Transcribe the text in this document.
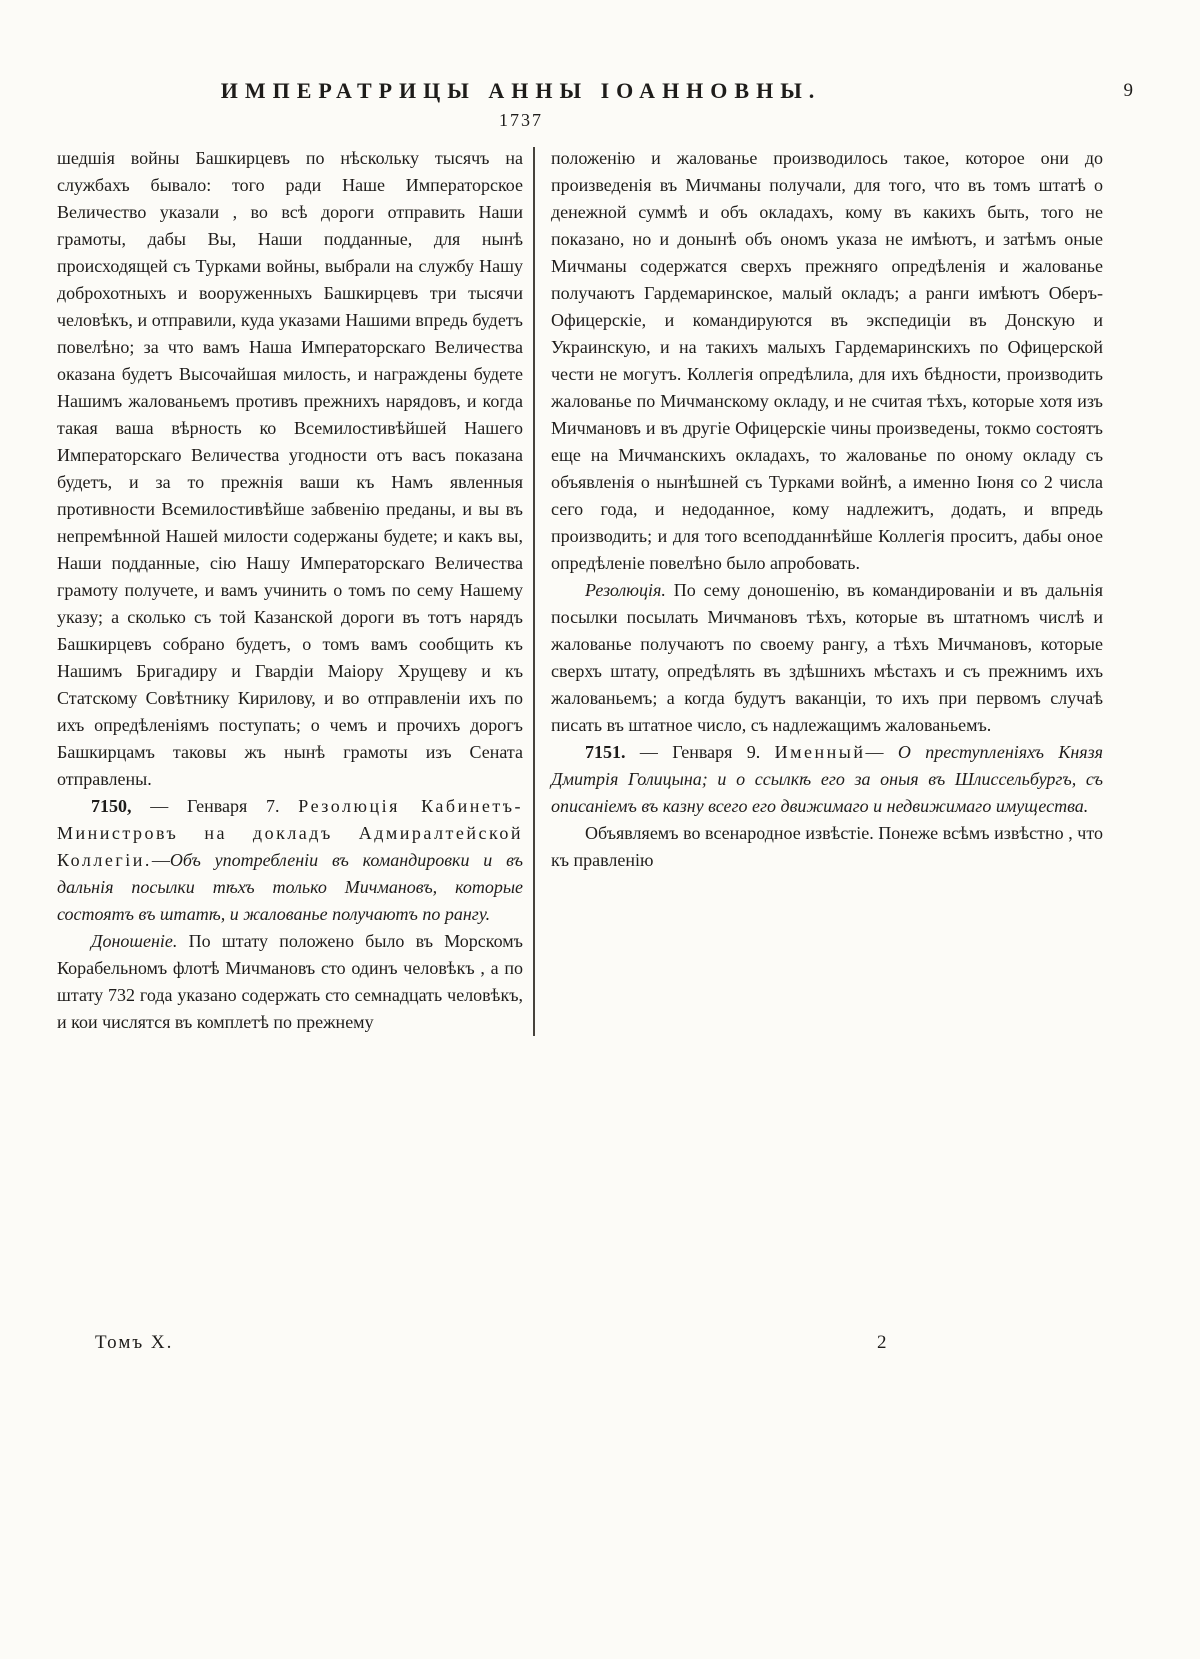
ИМПЕРАТРИЦЫ АННЫ ІОАННОВНЫ.	9
1737

шедшія войны Башкирцевъ по нѣскольку тысячъ на службахъ бывало: того ради Наше Императорское Величество указали , во всѣ дороги отправить Наши грамоты, дабы Вы, Наши подданные, для нынѣ происходящей съ Турками войны, выбрали на службу Нашу доброхотныхъ и вооруженныхъ Башкирцевъ три тысячи человѣкъ, и отправили, куда указами Нашими впредь будетъ повелѣно; за что вамъ Наша Императорскаго Величества оказана будетъ Высочайшая милость, и награждены будете Нашимъ жалованьемъ противъ прежнихъ нарядовъ, и когда такая ваша вѣрность ко Всемилостивѣйшей Нашего Императорскаго Величества угодности отъ васъ показана будетъ, и за то прежнія ваши къ Намъ явленныя противности Всемилостивѣйше забвенію преданы, и вы въ непремѣнной Нашей милости содержаны будете; и какъ вы, Наши подданные, сію Нашу Императорскаго Величества грамоту получете, и вамъ учинить о томъ по сему Нашему указу; а сколько съ той Казанской дороги въ тотъ нарядъ Башкирцевъ собрано будетъ, о томъ вамъ сообщить къ Нашимъ Бригадиру и Гвардіи Маіору Хрущеву и къ Статскому Совѣтнику Кирилову, и во отправленіи ихъ по ихъ опредѣленіямъ поступать; о чемъ и прочихъ дорогъ Башкирцамъ таковы жъ нынѣ грамоты изъ Сената отправлены.

7150, — Генваря 7. Резолюція Кабинетъ-Министровъ на докладъ Адмиралтейской Коллегіи.—Объ употребленіи въ командировки и въ дальнія посылки тѣхъ только Мичмановъ, которые состоятъ въ штатѣ, и жалованье получаютъ по рангу.

Доношеніе. По штату положено было въ Морскомъ Корабельномъ флотѣ Мичмановъ сто одинъ человѣкъ , а по штату 732 года указано содержать сто семнадцать человѣкъ, и кои числятся въ комплетѣ по прежнему

положенію и жалованье производилось такое, которое они до произведенія въ Мичманы получали, для того, что въ томъ штатѣ о денежной суммѣ и объ окладахъ, кому въ какихъ быть, того не показано, но и донынѣ объ ономъ указа не имѣютъ, и затѣмъ оные Мичманы содержатся сверхъ прежняго опредѣленія и жалованье получаютъ Гардемаринское, малый окладъ; а ранги имѣютъ Оберъ-Офицерскіе, и командируются въ экспедиціи въ Донскую и Украинскую, и на такихъ малыхъ Гардемаринскихъ по Офицерской чести не могутъ. Коллегія опредѣлила, для ихъ бѣдности, производить жалованье по Мичманскому окладу, и не считая тѣхъ, которые хотя изъ Мичмановъ и въ другіе Офицерскіе чины произведены, токмо состоятъ еще на Мичманскихъ окладахъ, то жалованье по оному окладу съ объявленія о нынѣшней съ Турками войнѣ, а именно Іюня со 2 числа сего года, и недоданное, кому надлежитъ, додать, и впредь производить; и для того всеподданнѣйше Коллегія проситъ, дабы оное опредѣленіе повелѣно было апробовать.

Резолюція. По сему доношенію, въ командированіи и въ дальнія посылки посылать Мичмановъ тѣхъ, которые въ штатномъ числѣ и жалованье получаютъ по своему рангу, а тѣхъ Мичмановъ, которые сверхъ штату, опредѣлять въ здѣшнихъ мѣстахъ и съ прежнимъ ихъ жалованьемъ; а когда будутъ ваканціи, то ихъ при первомъ случаѣ писать въ штатное число, съ надлежащимъ жалованьемъ.

7151. — Генваря 9. Именный— О преступленіяхъ Князя Дмитрія Голицына; и о ссылкѣ его за оныя въ Шлиссельбургъ, съ описаніемъ въ казну всего его движимаго и недвижимаго имущества.

Объявляемъ во всенародное извѣстіе. Понеже всѣмъ извѣстно , что къ правленію

Томъ X.	2
